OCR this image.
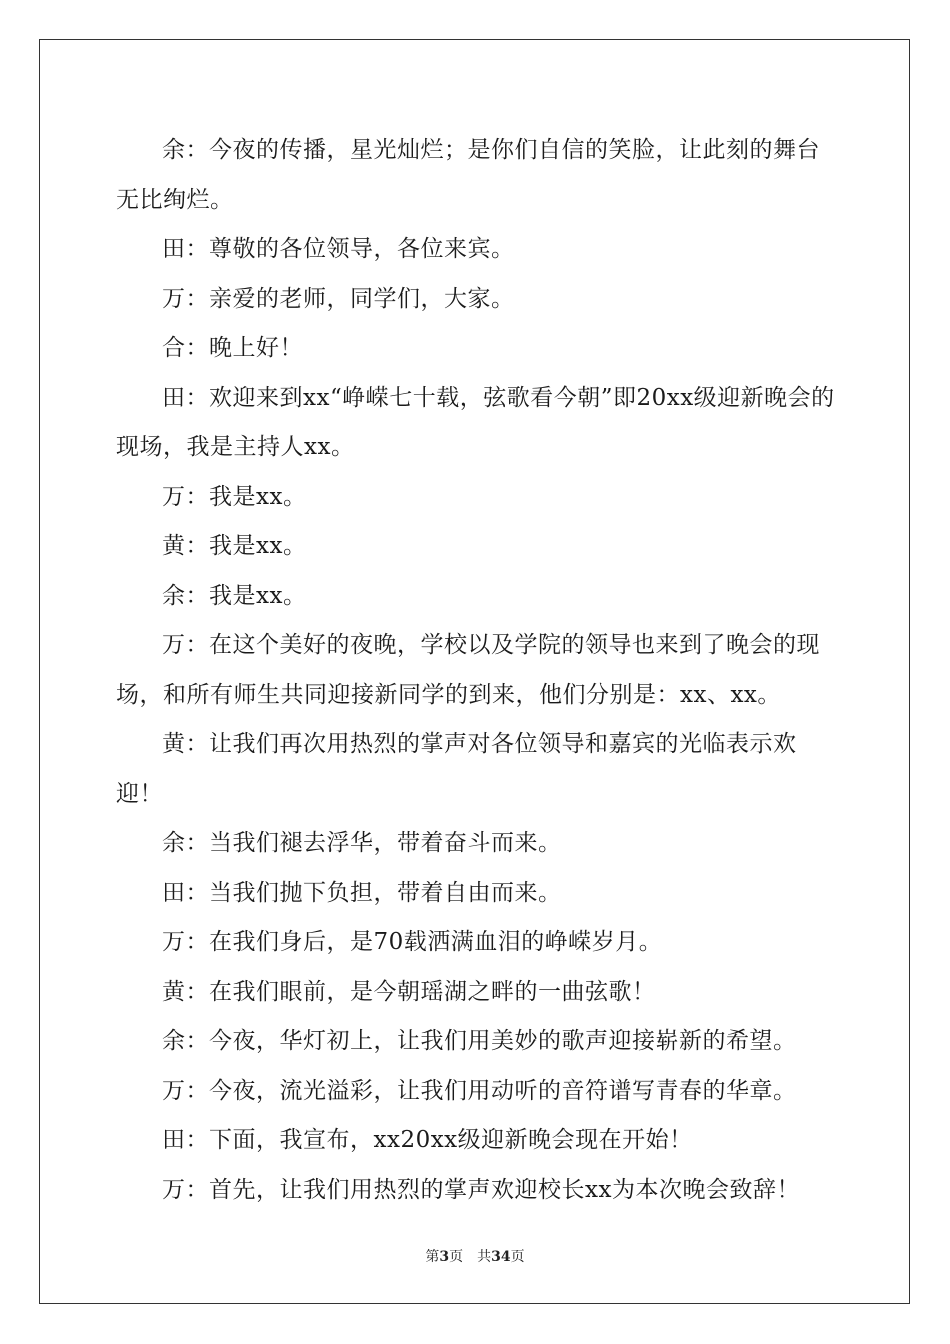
余：今夜的传播，星光灿烂；是你们自信的笑脸，让此刻的舞台无比绚烂。

田：尊敬的各位领导，各位来宾。

万：亲爱的老师，同学们，大家。

合：晚上好！

田：欢迎来到xx“峥嵘七十载，弦歌看今朝”即20xx级迎新晚会的现场，我是主持人xx。

万：我是xx。

黄：我是xx。

余：我是xx。

万：在这个美好的夜晚，学校以及学院的领导也来到了晚会的现场，和所有师生共同迎接新同学的到来，他们分别是：xx、xx。

黄：让我们再次用热烈的掌声对各位领导和嘉宾的光临表示欢迎！

余：当我们褪去浮华，带着奋斗而来。

田：当我们抛下负担，带着自由而来。

万：在我们身后，是70载洒满血泪的峥嵘岁月。

黄：在我们眼前，是今朝瑶湖之畔的一曲弦歌！

余：今夜，华灯初上，让我们用美妙的歌声迎接崭新的希望。

万：今夜，流光溢彩，让我们用动听的音符谱写青春的华章。

田：下面，我宣布，xx20xx级迎新晚会现在开始！

万：首先，让我们用热烈的掌声欢迎校长xx为本次晚会致辞！

第3页 共34页
